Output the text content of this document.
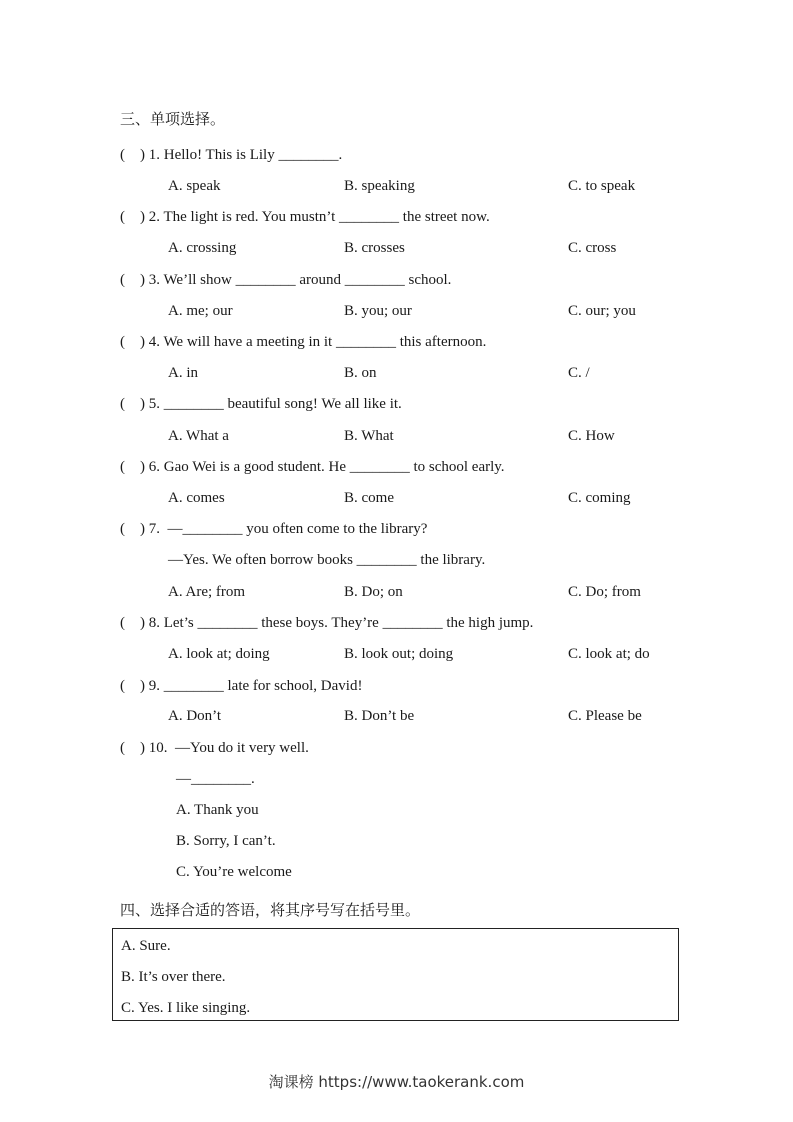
三、单项选择。
(    ) 1. Hello! This is Lily ________.
A. speak	B. speaking	C. to speak
(    ) 2. The light is red. You mustn’t ________ the street now.
A. crossing	B. crosses	C. cross
(    ) 3. We’ll show ________ around ________ school.
A. me; our	B. you; our	C. our; you
(    ) 4. We will have a meeting in it ________ this afternoon.
A. in	B. on	C. /
(    ) 5. ________ beautiful song! We all like it.
A. What a	B. What	C. How
(    ) 6. Gao Wei is a good student. He ________ to school early.
A. comes	B. come	C. coming
(    ) 7.  —________ you often come to the library?
—Yes. We often borrow books ________ the library.
A. Are; from	B. Do; on	C. Do; from
(    ) 8. Let’s ________ these boys. They’re ________ the high jump.
A. look at; doing	B. look out; doing	C. look at; do
(    ) 9. ________ late for school, David!
A. Don’t	B. Don’t be	C. Please be
(    ) 10.  —You do it very well.
—________.
A. Thank you
B. Sorry, I can’t.
C. You’re welcome
四、选择合适的答语，将其序号写在括号里。
A. Sure.
B. It’s over there.
C. Yes. I like singing.
淘课榜 https://www.taokerank.com
